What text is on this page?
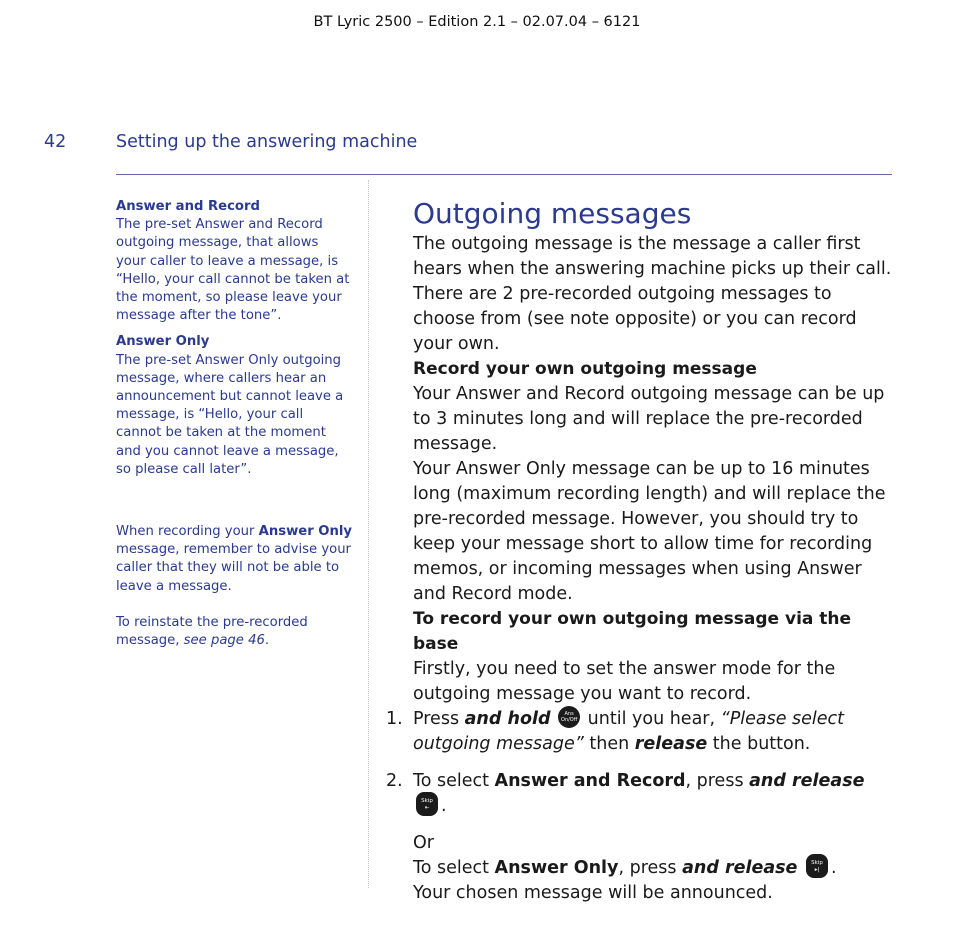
BT Lyric 2500 – Edition 2.1 – 02.07.04 – 6121
42	Setting up the answering machine

Answer and Record

The pre-set Answer and Record outgoing message, that allows your caller to leave a message, is “Hello, your call cannot be taken at the moment, so please leave your message after the tone”.

Answer Only

The pre-set Answer Only outgoing message, where callers hear an announcement but cannot leave a message, is “Hello, your call cannot be taken at the moment and you cannot leave a message, so please call later”.

When recording your Answer Only message, remember to advise your caller that they will not be able to leave a message.

To reinstate the pre-recorded message, see page 46.

Outgoing messages

The outgoing message is the message a caller first hears when the answering machine picks up their call. There are 2 pre-recorded outgoing messages to choose from (see note opposite) or you can record your own.

Record your own outgoing message

Your Answer and Record outgoing message can be up to 3 minutes long and will replace the pre-recorded message.

Your Answer Only message can be up to 16 minutes long (maximum recording length) and will replace the pre-recorded message. However, you should try to keep your message short to allow time for recording memos, or incoming messages when using Answer and Record mode.

To record your own outgoing message via the base

Firstly, you need to set the answer mode for the outgoing message you want to record.

1. Press and hold	Ans
On/Off until you hear, “Please select outgoing message” then release the button.
2. To select Answer and Record, press and release
Skip
⇤ .

Or

To select Answer Only, press and release	Skip
▸| .
Your chosen message will be announced.
